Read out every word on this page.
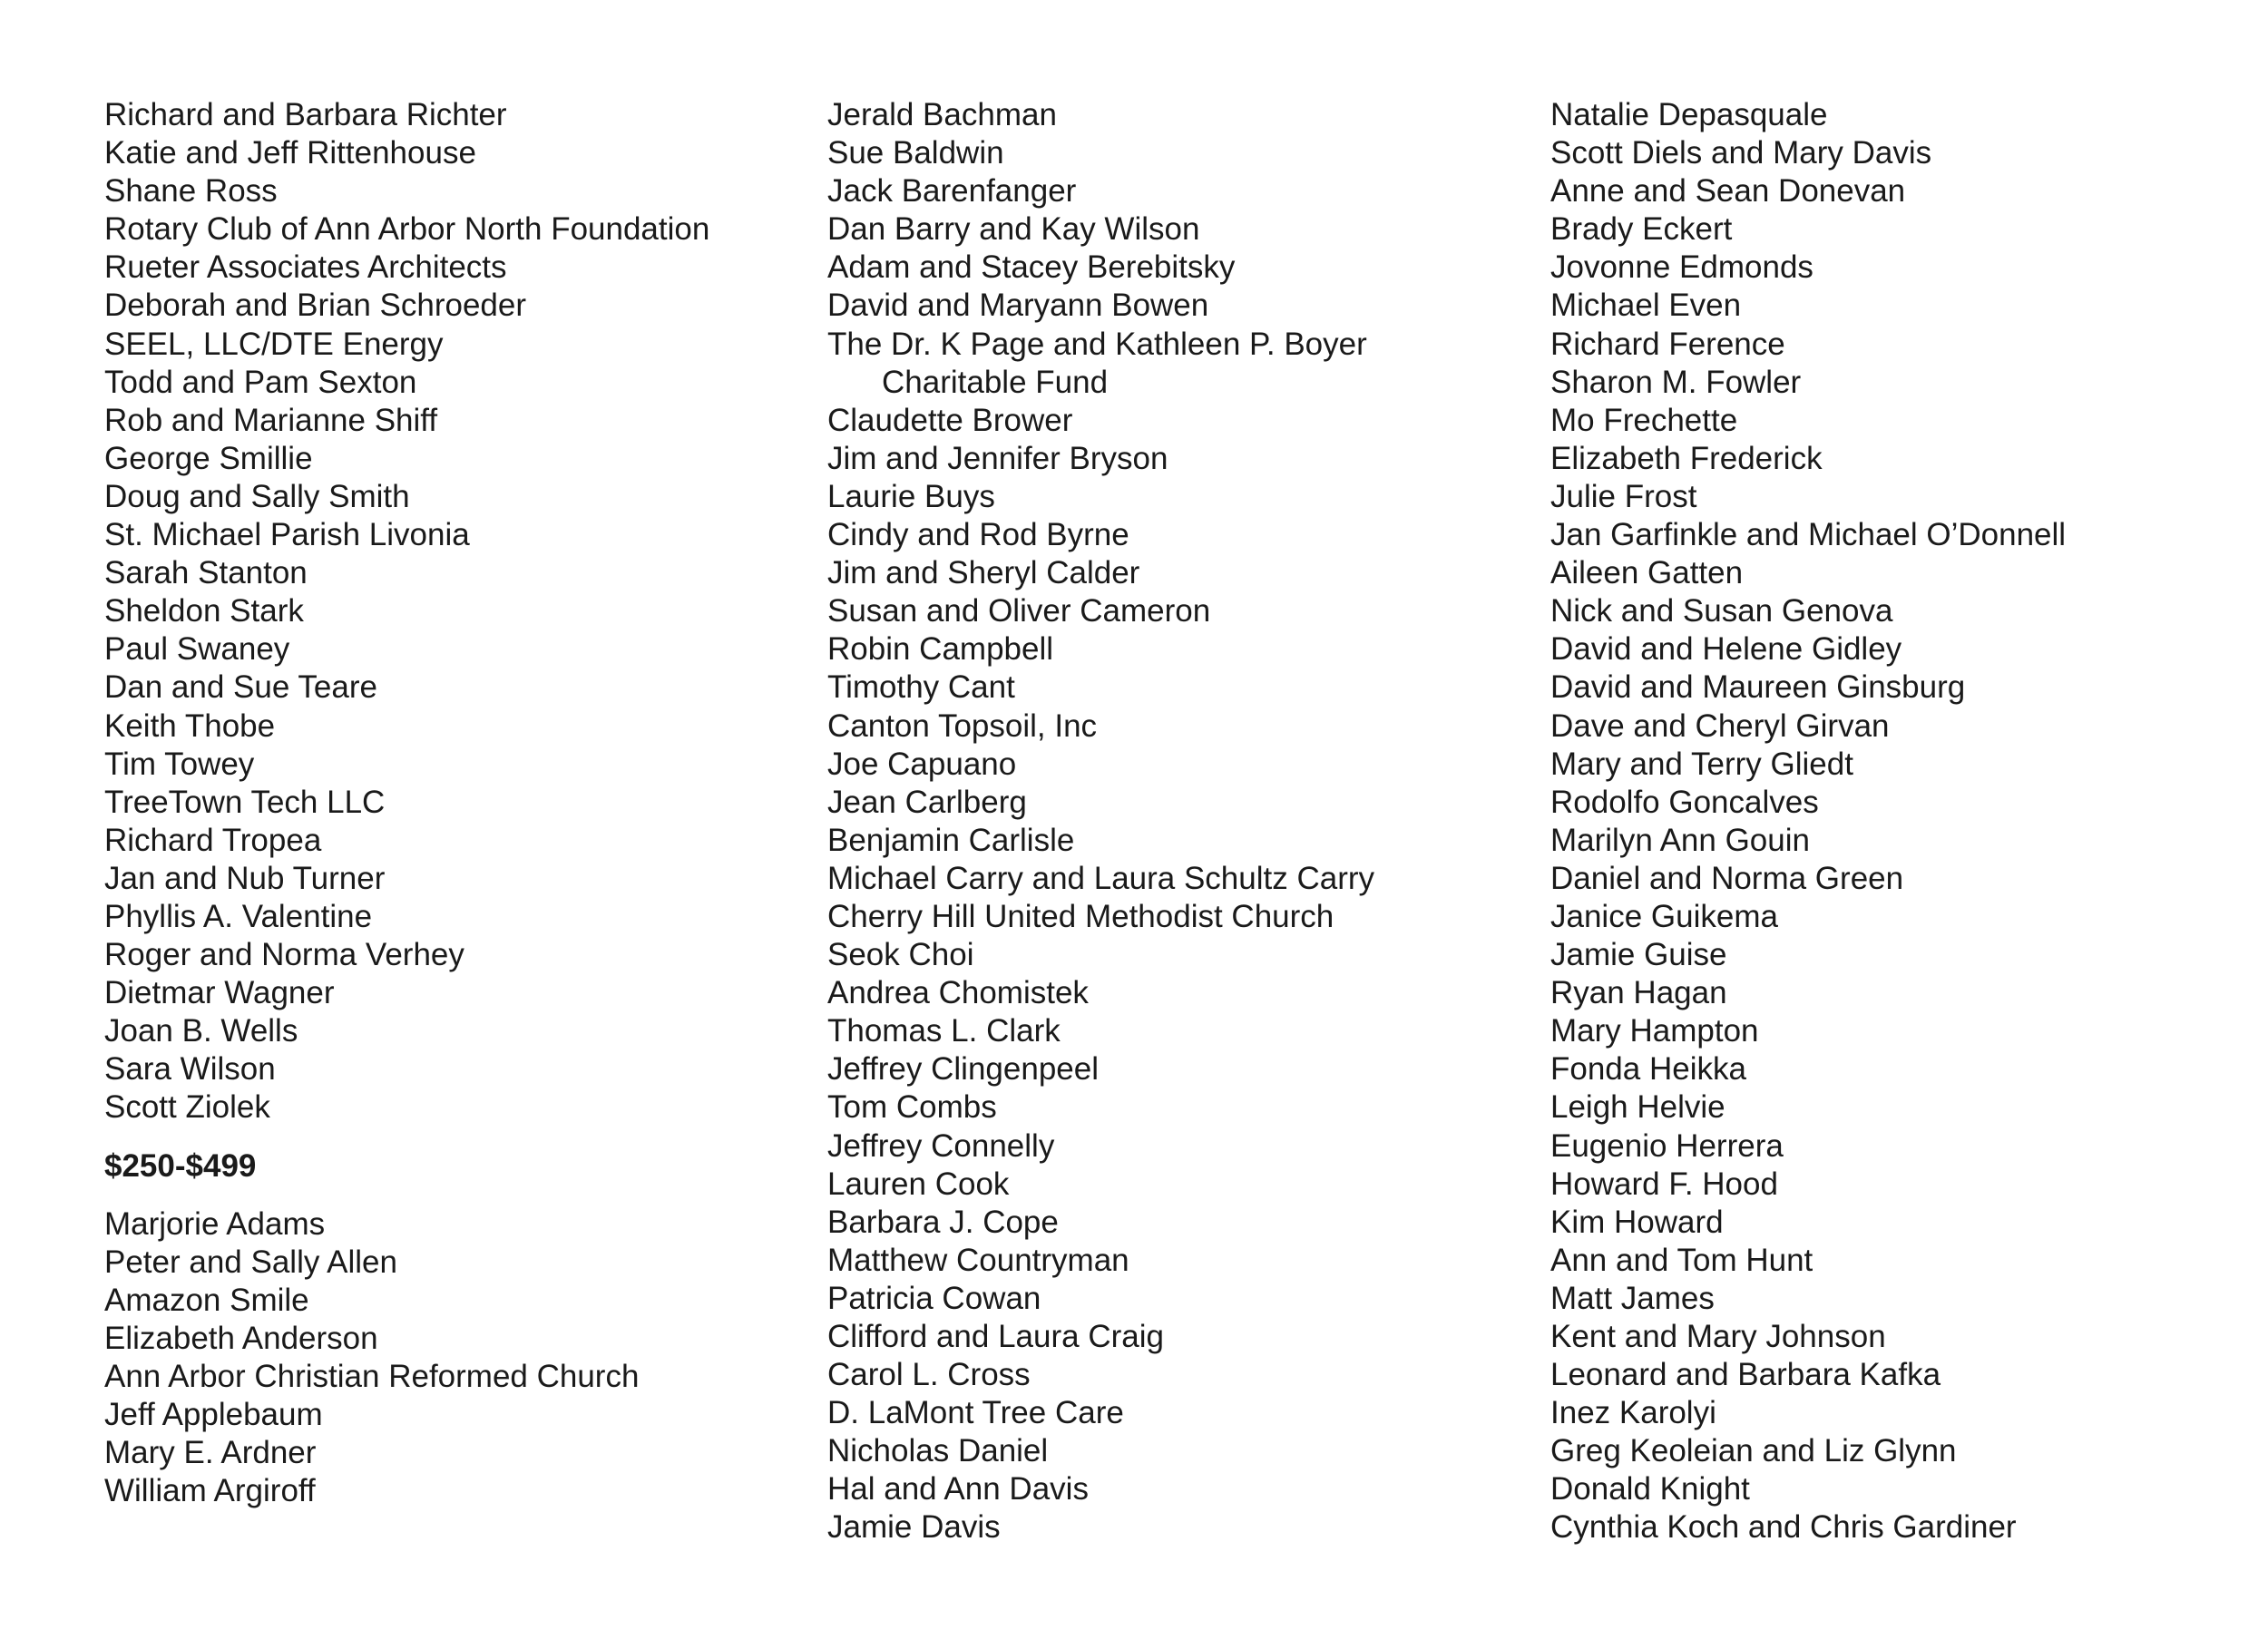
Richard and Barbara Richter
Katie and Jeff Rittenhouse
Shane Ross
Rotary Club of Ann Arbor North Foundation
Rueter Associates Architects
Deborah and Brian Schroeder
SEEL, LLC/DTE Energy
Todd and Pam Sexton
Rob and Marianne Shiff
George Smillie
Doug and Sally Smith
St. Michael Parish Livonia
Sarah Stanton
Sheldon Stark
Paul Swaney
Dan and Sue Teare
Keith Thobe
Tim Towey
TreeTown Tech LLC
Richard Tropea
Jan and Nub Turner
Phyllis A. Valentine
Roger and Norma Verhey
Dietmar Wagner
Joan B. Wells
Sara Wilson
Scott Ziolek
$250-$499
Marjorie Adams
Peter and Sally Allen
Amazon Smile
Elizabeth Anderson
Ann Arbor Christian Reformed Church
Jeff Applebaum
Mary E. Ardner
William Argiroff
Jerald Bachman
Sue Baldwin
Jack Barenfanger
Dan Barry and Kay Wilson
Adam and Stacey Berebitsky
David and Maryann Bowen
The Dr. K Page and Kathleen P. Boyer
Charitable Fund
Claudette Brower
Jim and Jennifer Bryson
Laurie Buys
Cindy and Rod Byrne
Jim and Sheryl Calder
Susan and Oliver Cameron
Robin Campbell
Timothy Cant
Canton Topsoil, Inc
Joe Capuano
Jean Carlberg
Benjamin Carlisle
Michael Carry and Laura Schultz Carry
Cherry Hill United Methodist Church
Seok Choi
Andrea Chomistek
Thomas L. Clark
Jeffrey Clingenpeel
Tom Combs
Jeffrey Connelly
Lauren Cook
Barbara J. Cope
Matthew Countryman
Patricia Cowan
Clifford and Laura Craig
Carol L. Cross
D. LaMont Tree Care
Nicholas Daniel
Hal and Ann Davis
Jamie Davis
Natalie Depasquale
Scott Diels and Mary Davis
Anne and Sean Donevan
Brady Eckert
Jovonne Edmonds
Michael Even
Richard Ference
Sharon M. Fowler
Mo Frechette
Elizabeth Frederick
Julie Frost
Jan Garfinkle and Michael O’Donnell
Aileen Gatten
Nick and Susan Genova
David and Helene Gidley
David and Maureen Ginsburg
Dave and Cheryl Girvan
Mary and Terry Gliedt
Rodolfo Goncalves
Marilyn Ann Gouin
Daniel and Norma Green
Janice Guikema
Jamie Guise
Ryan Hagan
Mary Hampton
Fonda Heikka
Leigh Helvie
Eugenio Herrera
Howard F. Hood
Kim Howard
Ann and Tom Hunt
Matt James
Kent and Mary Johnson
Leonard and Barbara Kafka
Inez Karolyi
Greg Keoleian and Liz Glynn
Donald Knight
Cynthia Koch and Chris Gardiner
